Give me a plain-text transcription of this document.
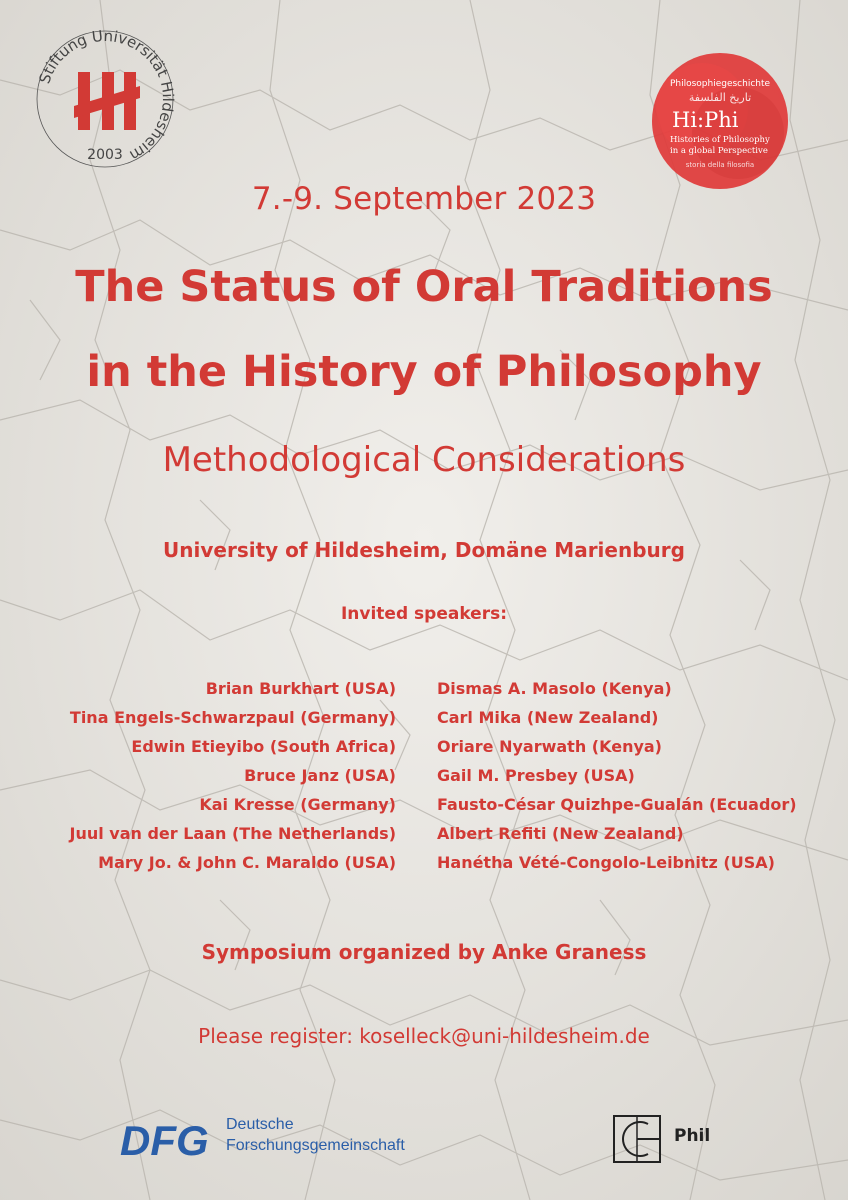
Stiftung Universität Hildesheim
2003
Philosophiegeschichte
تاريخ الفلسفة
Hi:Phi
Histories of Philosophy
in a global Perspective
storia della filosofia
7.-9. September 2023
The Status of Oral Traditions
in the History of Philosophy
Methodological Considerations
University of Hildesheim, Domäne Marienburg
Invited speakers:
Brian Burkhart (USA)
Tina Engels-Schwarzpaul (Germany)
Edwin Etieyibo (South Africa)
Bruce Janz (USA)
Kai Kresse (Germany)
Juul van der Laan (The Netherlands)
Mary Jo. & John C. Maraldo (USA)
Dismas A. Masolo (Kenya)
Carl Mika (New Zealand)
Oriare Nyarwath (Kenya)
Gail M. Presbey (USA)
Fausto-César Quizhpe-Gualán (Ecuador)
Albert Refiti (New Zealand)
Hanétha Vété-Congolo-Leibnitz (USA)
Symposium organized by Anke Graness
Please register: koselleck@uni-hildesheim.de
DFG Deutsche
Forschungsgemeinschaft	Phil
